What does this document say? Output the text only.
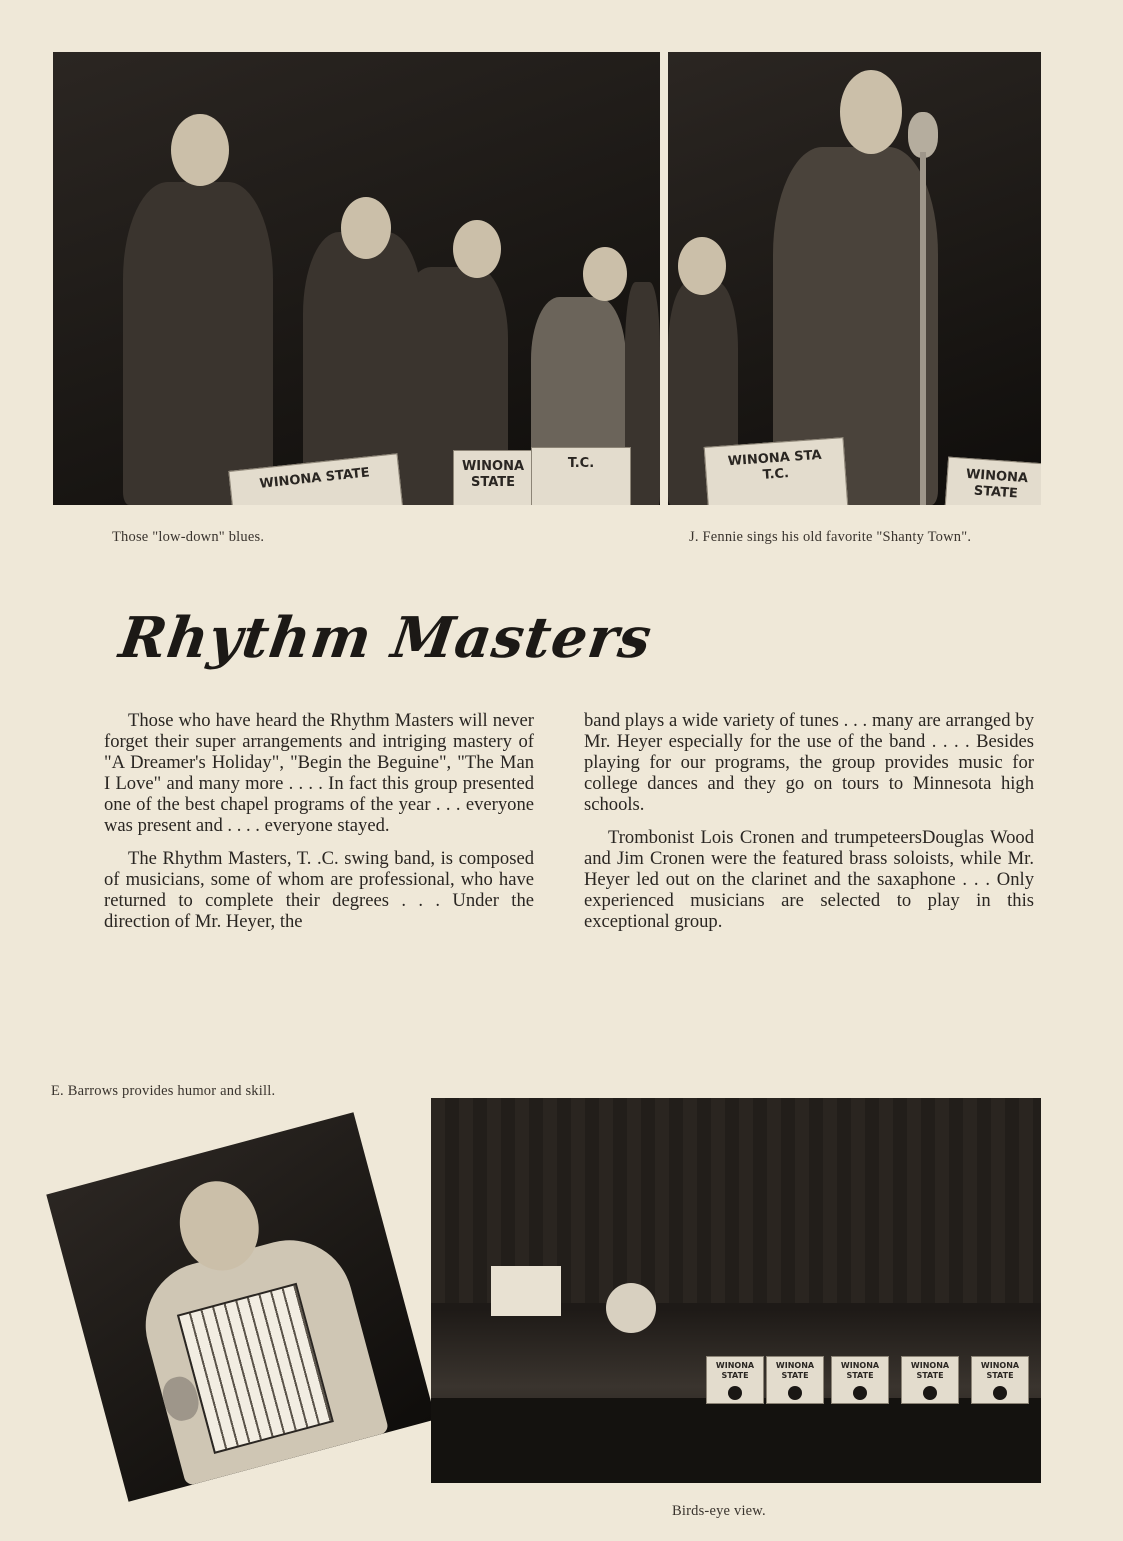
WINONA STATE	WINONA STATE
T.C.	WINONA STA
T.C.	WINONA STATE
Those "low-down" blues.	J. Fennie sings his old favorite "Shanty Town".
Rhythm Masters

Those who have heard the Rhythm Masters will never forget their super arrangements and intriging mastery of "A Dreamer's Holiday", "Begin the Beguine", "The Man I Love" and many more . . . . In fact this group presented one of the best chapel programs of the year . . . everyone was present and . . . . everyone stayed.

The Rhythm Masters, T. .C. swing band, is composed of musicians, some of whom are professional, who have returned to complete their degrees . . . Under the direction of Mr. Heyer, the

band plays a wide variety of tunes . . . many are arranged by Mr. Heyer especially for the use of the band . . . . Besides playing for our programs, the group provides music for college dances and they go on tours to Minnesota high schools.

Trombonist Lois Cronen and trumpeteersDouglas Wood and Jim Cronen were the featured brass soloists, while Mr. Heyer led out on the clarinet and the saxaphone . . . Only experienced musicians are selected to play in this exceptional group.

E. Barrows provides humor and skill.
WINONA STATE
WINONA STATE
WINONA STATE
WINONA STATE
WINONA STATE
Birds-eye view.
